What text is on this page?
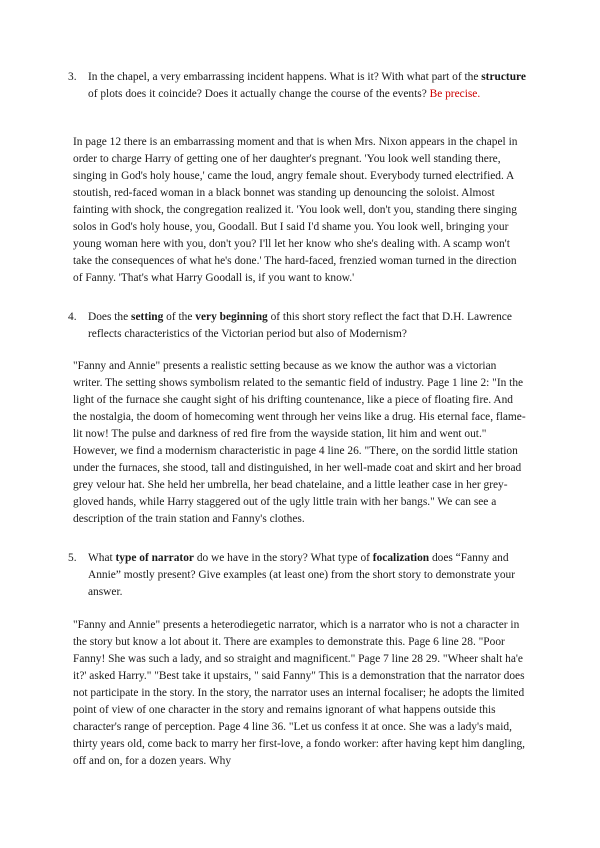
3. In the chapel, a very embarrassing incident happens. What is it? With what part of the structure of plots does it coincide? Does it actually change the course of the events? Be precise.
In page 12 there is an embarrassing moment and that is when Mrs. Nixon appears in the chapel in order to charge Harry of getting one of her daughter's pregnant. 'You look well standing there, singing in God's holy house,' came the loud, angry female shout. Everybody turned electrified. A stoutish, red-faced woman in a black bonnet was standing up denouncing the soloist. Almost fainting with shock, the congregation realized it. 'You look well, don't you, standing there singing solos in God's holy house, you, Goodall. But I said I'd shame you. You look well, bringing your young woman here with you, don't you? I'll let her know who she's dealing with. A scamp won't take the consequences of what he's done.' The hard-faced, frenzied woman turned in the direction of Fanny. 'That's what Harry Goodall is, if you want to know.'
4. Does the setting of the very beginning of this short story reflect the fact that D.H. Lawrence reflects characteristics of the Victorian period but also of Modernism?
"Fanny and Annie" presents a realistic setting because as we know the author was a victorian writer. The setting shows symbolism related to the semantic field of industry. Page 1 line 2: "In the light of the furnace she caught sight of his drifting countenance, like a piece of floating fire. And the nostalgia, the doom of homecoming went through her veins like a drug. His eternal face, flame-lit now! The pulse and darkness of red fire from the wayside station, lit him and went out." However, we find a modernism characteristic in page 4 line 26. "There, on the sordid little station under the furnaces, she stood, tall and distinguished, in her well-made coat and skirt and her broad grey velour hat. She held her umbrella, her bead chatelaine, and a little leather case in her grey-gloved hands, while Harry staggered out of the ugly little train with her bangs." We can see a description of the train station and Fanny's clothes.
5. What type of narrator do we have in the story? What type of focalization does “Fanny and Annie” mostly present? Give examples (at least one) from the short story to demonstrate your answer.
"Fanny and Annie" presents a heterodiegetic narrator, which is a narrator who is not a character in the story but know a lot about it. There are examples to demonstrate this. Page 6 line 28. "Poor Fanny! She was such a lady, and so straight and magnificent." Page 7 line 28 29. "Wheer shalt ha'e it?' asked Harry." "Best take it upstairs, " said Fanny" This is a demonstration that the narrator does not participate in the story. In the story, the narrator uses an internal focaliser; he adopts the limited point of view of one character in the story and remains ignorant of what happens outside this character's range of perception. Page 4 line 36. "Let us confess it at once. She was a lady's maid, thirty years old, come back to marry her first-love, a fondo worker: after having kept him dangling, off and on, for a dozen years. Why
